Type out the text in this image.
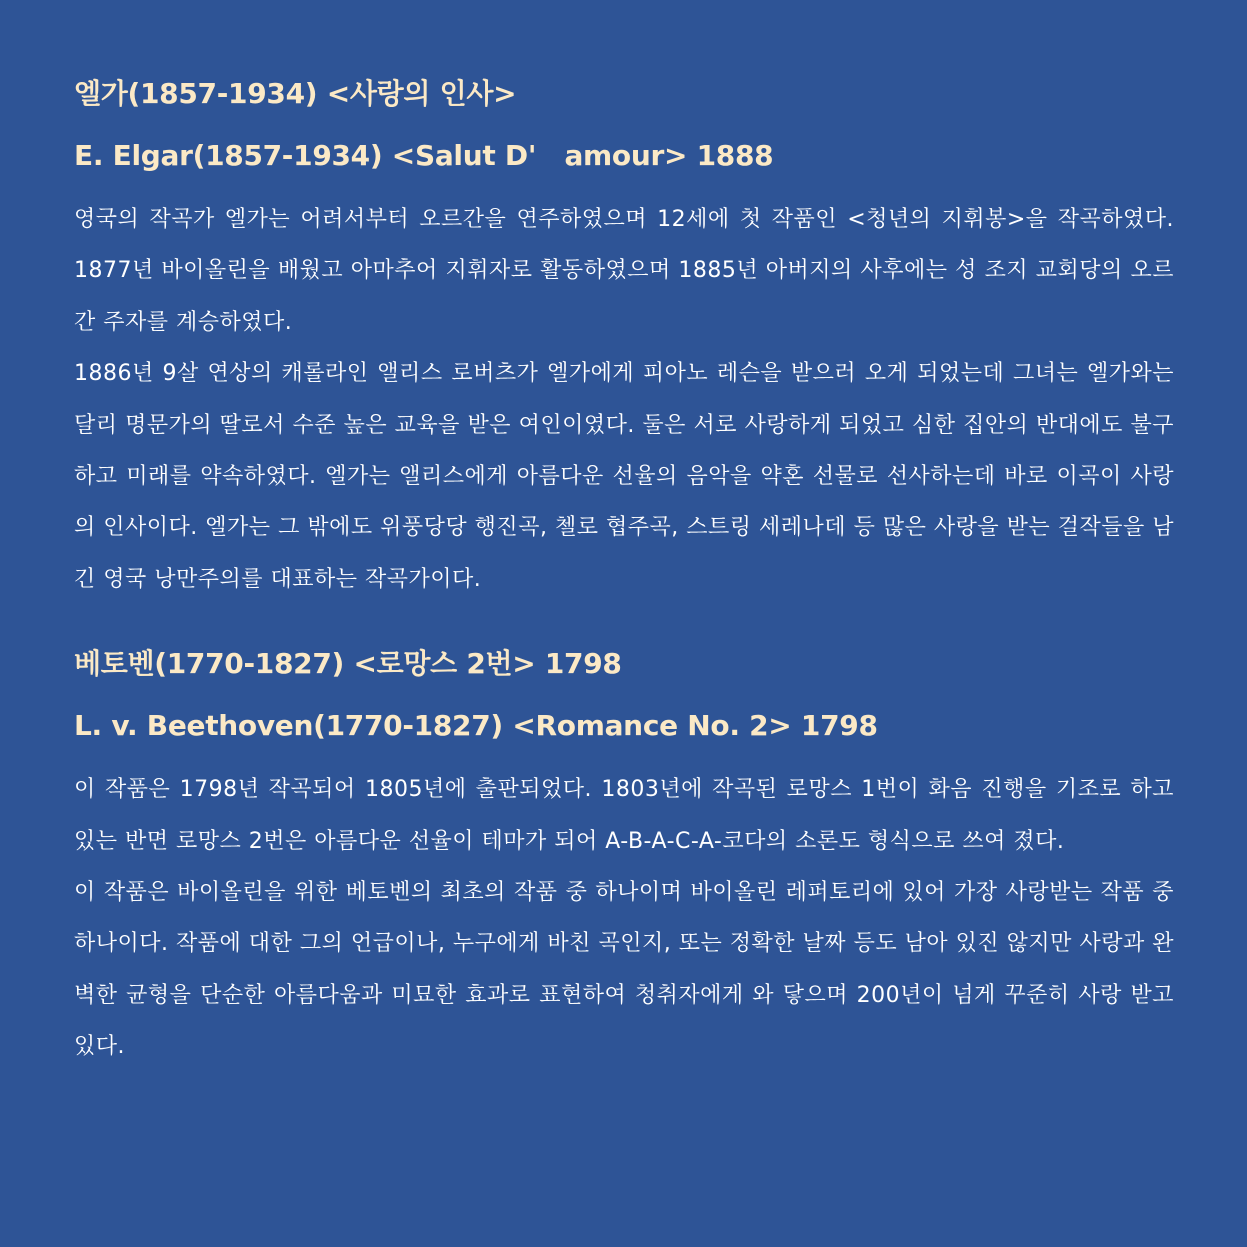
엘가(1857-1934) <사랑의 인사>
E. Elgar(1857-1934) <Salut D'   amour> 1888

영국의 작곡가 엘가는 어려서부터 오르간을 연주하였으며 12세에 첫 작품인 <청년의 지휘봉>을 작곡하였다. 1877년 바이올린을 배웠고 아마추어 지휘자로 활동하였으며 1885년 아버지의 사후에는 성 조지 교회당의 오르간 주자를 계승하였다.

1886년 9살 연상의 캐롤라인 앨리스 로버츠가 엘가에게 피아노 레슨을 받으러 오게 되었는데 그녀는 엘가와는 달리 명문가의 딸로서 수준 높은 교육을 받은 여인이였다. 둘은 서로 사랑하게 되었고 심한 집안의 반대에도 불구하고 미래를 약속하였다. 엘가는 앨리스에게 아름다운 선율의 음악을 약혼 선물로 선사하는데 바로 이곡이 사랑의 인사이다. 엘가는 그 밖에도 위풍당당 행진곡, 첼로 협주곡, 스트링 세레나데 등 많은 사랑을 받는 걸작들을 남긴 영국 낭만주의를 대표하는 작곡가이다.

베토벤(1770-1827) <로망스 2번> 1798
L. v. Beethoven(1770-1827) <Romance No. 2> 1798

이 작품은 1798년 작곡되어 1805년에 출판되었다. 1803년에 작곡된 로망스 1번이 화음 진행을 기조로 하고 있는 반면 로망스 2번은 아름다운 선율이 테마가 되어 A-B-A-C-A-코다의 소론도 형식으로 쓰여 졌다.

이 작품은 바이올린을 위한 베토벤의 최초의 작품 중 하나이며 바이올린 레퍼토리에 있어 가장 사랑받는 작품 중 하나이다. 작품에 대한 그의 언급이나, 누구에게 바친 곡인지, 또는 정확한 날짜 등도 남아 있진 않지만 사랑과 완벽한 균형을 단순한 아름다움과 미묘한 효과로 표현하여 청취자에게 와 닿으며 200년이 넘게 꾸준히 사랑 받고 있다.
